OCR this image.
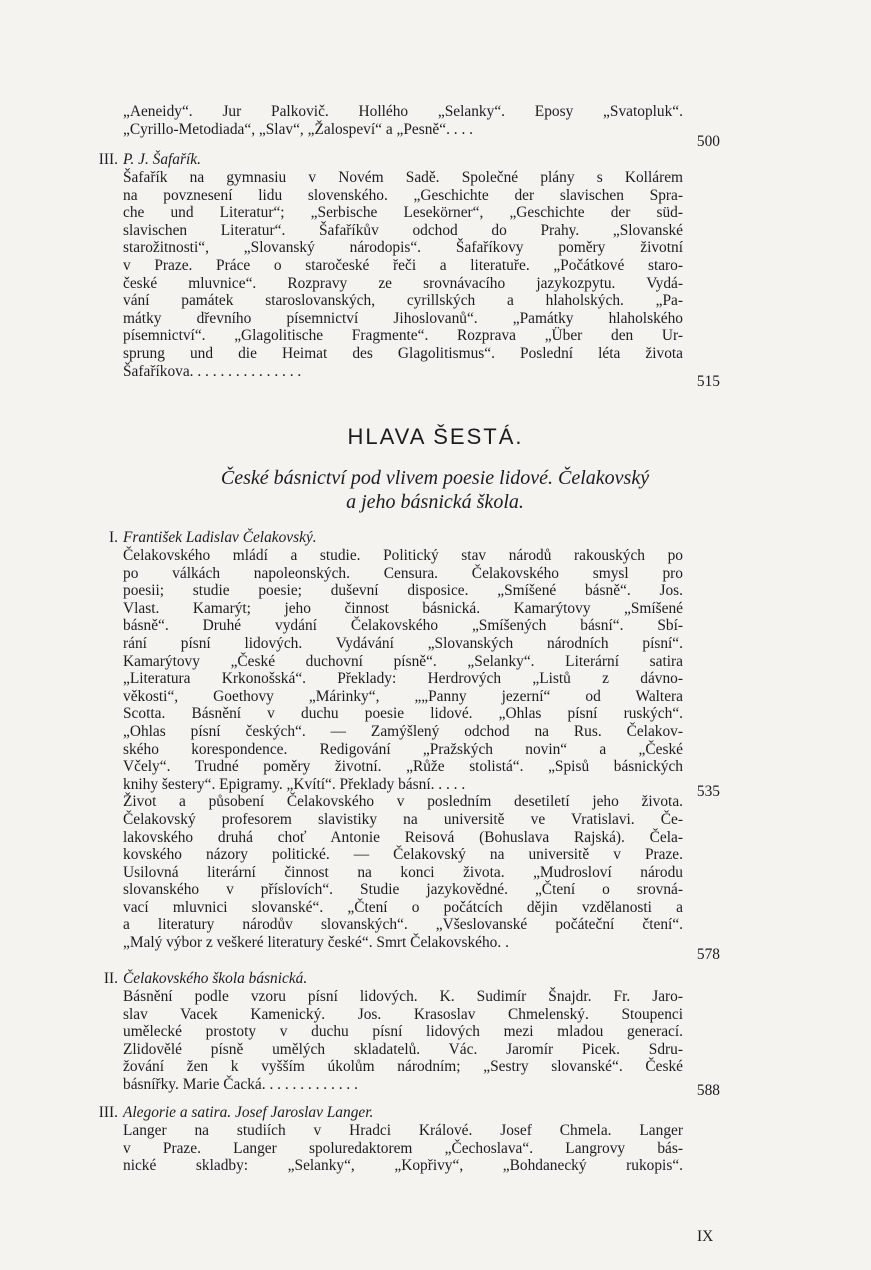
„Aeneidy“. Jur Palkovič. Hollého „Selanky“. Eposy „Svatopluk“.
„Cyrillo-Metodiada“, „Slav“, „Žalospeví“ a „Pesně“. . . .
500
III. P. J. Šafařík.
Šafařík na gymnasiu v Novém Sadě. Společné plány s Kollárem
na povznesení lidu slovenského. „Geschichte der slavischen Spra-
che und Literatur“; „Serbische Lesekörner“, „Geschichte der süd-
slavischen Literatur“. Šafaříkův odchod do Prahy. „Slovanské
starožitnosti“, „Slovanský národopis“. Šafaříkovy poměry životní
v Praze. Práce o staročeské řeči a literatuře. „Počátkové staro-
české mluvnice“. Rozpravy ze srovnávacího jazykozpytu. Vydá-
vání památek staroslovanských, cyrillských a hlaholských. „Pa-
mátky dřevního písemnictví Jihoslovanů“. „Památky hlaholského
písemnictví“. „Glagolitische Fragmente“. Rozprava „Über den Ur-
sprung und die Heimat des Glagolitismus“. Poslední léta života
Šafaříkova. . . . . . . . . . . . . . .
515
HLAVA ŠESTÁ.
České básnictví pod vlivem poesie lidové. Čelakovský
a jeho básnická škola.
I. František Ladislav Čelakovský.
Čelakovského mládí a studie. Politický stav národů rakouských po
po válkách napoleonských. Censura. Čelakovského smysl pro
poesii; studie poesie; duševní disposice. „Smíšené básně“. Jos.
Vlast. Kamarýt; jeho činnost básnická. Kamarýtovy „Smíšené
básně“. Druhé vydání Čelakovského „Smíšených básní“. Sbí-
rání písní lidových. Vydávání „Slovanských národních písní“.
Kamarýtovy „České duchovní písně“. „Selanky“. Literární satira
„Literatura Krkonošská“. Překlady: Herdrových „Listů z dávno-
věkosti“, Goethovy „Márinky“, „„Panny jezerní“ od Waltera
Scotta. Básnění v duchu poesie lidové. „Ohlas písní ruských“.
„Ohlas písní českých“. — Zamýšlený odchod na Rus. Čelakov-
ského korespondence. Redigování „Pražských novin“ a „České
Včely“. Trudné poměry životní. „Růže stolistá“. „Spisů básnických
knihy šestery“. Epigramy. „Kvítí“. Překlady básní. . . . .
Život a působení Čelakovského v posledním desetiletí jeho života.
Čelakovský profesorem slavistiky na universitě ve Vratislavi. Če-
lakovského druhá choť Antonie Reisová (Bohuslava Rajská). Čela-
kovského názory politické. — Čelakovský na universitě v Praze.
Usilovná literární činnost na konci života. „Mudrosloví národu
slovanského v příslovích“. Studie jazykovědné. „Čtení o srovná-
vací mluvnici slovanské“. „Čtení o počátcích dějin vzdělanosti a
a literatury národův slovanských“. „Všeslovanské počáteční čtení“.
„Malý výbor z veškeré literatury české“. Smrt Čelakovského. .
535
578
II. Čelakovského škola básnická.
Básnění podle vzoru písní lidových. K. Sudimír Šnajdr. Fr. Jaro-
slav Vacek Kamenický. Jos. Krasoslav Chmelenský. Stoupenci
umělecké prostoty v duchu písní lidových mezi mladou generací.
Zlidovělé písně umělých skladatelů. Vác. Jaromír Picek. Sdru-
žování žen k vyšším úkolům národním; „Sestry slovanské“. České
básnířky. Marie Čacká. . . . . . . . . . . . .	588
III. Alegorie a satira. Josef Jaroslav Langer.
Langer na studiích v Hradci Králové. Josef Chmela. Langer
v Praze. Langer spoluredaktorem „Čechoslava“. Langrovy bás-
nické skladby: „Selanky“, „Kopřivy“, „Bohdanecký rukopis“.
IX
